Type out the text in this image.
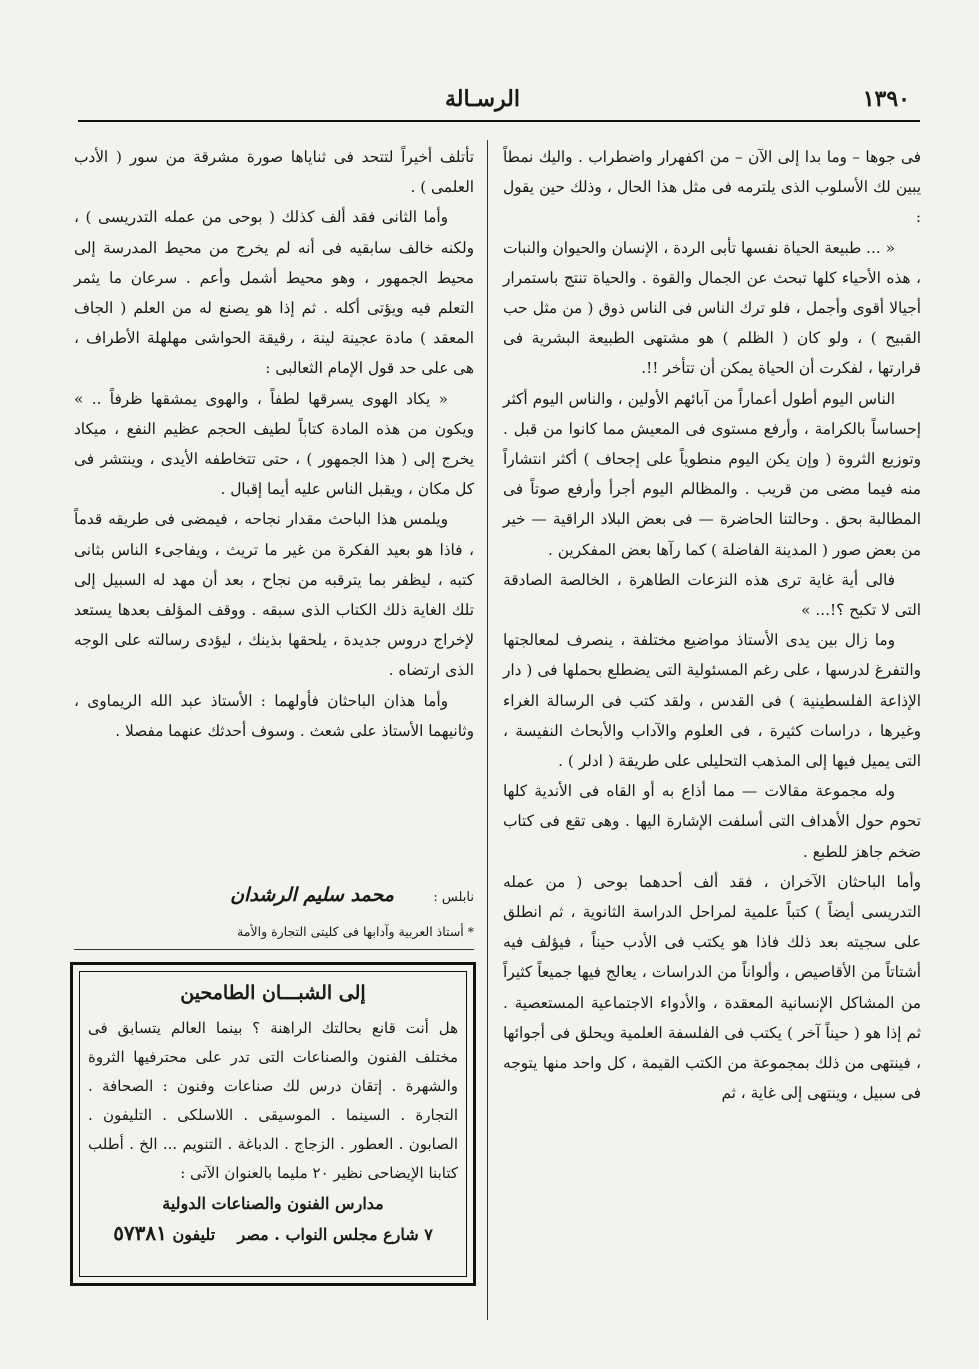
١٣٩٠
الرسـالة

فى جوها – وما بدا إلى الآن – من اكفهرار واضطراب . واليك نمطاً يبين لك الأسلوب الذى يلترمه فى مثل هذا الحال ، وذلك حين يقول :

« ... طبيعة الحياة نفسها تأبى الردة ، الإنسان والحيوان والنبات ، هذه الأحياء كلها تبحث عن الجمال والقوة . والحياة تنتج باستمرار أجيالا أقوى وأجمل ، فلو ترك الناس فى الناس ذوق ( من مثل حب القبيح ) ، ولو كان ( الظلم ) هو مشتهى الطبيعة البشرية فى قرارتها ، لفكرت أن الحياة يمكن أن تتأخر !!.

الناس اليوم أطول أعماراً من آبائهم الأولين ، والناس اليوم أكثر إحساساً بالكرامة ، وأرفع مستوى فى المعيش مما كانوا من قبل . وتوزيع الثروة ( وإن يكن اليوم منطوياً على إجحاف ) أكثر انتشاراً منه فيما مضى من قريب . والمظالم اليوم أجرأ وأرفع صوتاً فى المطالبة بحق . وحالتنا الحاضرة — فى بعض البلاد الراقية — خير من بعض صور ( المدينة الفاضلة ) كما رآها بعض المفكرين .

فالى أية غاية ترى هذه النزعات الطاهرة ، الخالصة الصادقة التى لا تكبح ؟!... »

وما زال بين يدى الأستاذ مواضيع مختلفة ، ينصرف لمعالجتها والتفرغ لدرسها ، على رغم المسئولية التى يضطلع بحملها فى ( دار الإذاعة الفلسطينية ) فى القدس ، ولقد كتب فى الرسالة الغراء وغيرها ، دراسات كثيرة ، فى العلوم والآداب والأبحاث النفيسة ، التى يميل فيها إلى المذهب التحليلى على طريقة ( ادلر ) .

وله مجموعة مقالات — مما أذاع به أو القاه فى الأندية كلها تحوم حول الأهداف التى أسلفت الإشارة اليها . وهى تقع فى كتاب ضخم جاهز للطبع .

وأما الباحثان الآخران ، فقد ألف أحدهما بوحى ( من عمله التدريسى أيضاً ) كتباً علمية لمراحل الدراسة الثانوية ، ثم انطلق على سجيته بعد ذلك فاذا هو يكتب فى الأدب حيناً ، فيؤلف فيه أشتاتاً من الأقاصيص ، وألواناً من الدراسات ، يعالج فيها جميعاً كثيراً من المشاكل الإنسانية المعقدة ، والأدواء الاجتماعية المستعصية . ثم إذا هو ( حيناً آخر ) يكتب فى الفلسفة العلمية ويحلق فى أجوائها ، فينتهى من ذلك بمجموعة من الكتب القيمة ، كل واحد منها يتوجه فى سبيل ، وينتهى إلى غاية ، ثم

تأتلف أخيراً لتتحد فى ثناياها صورة مشرقة من سور ( الأدب العلمى ) .

وأما الثانى فقد ألف كذلك ( بوحى من عمله التدريسى ) ، ولكنه خالف سابقيه فى أنه لم يخرج من محيط المدرسة إلى محيط الجمهور ، وهو محيط أشمل وأعم . سرعان ما يثمر التعلم فيه ويؤتى أكله . ثم إذا هو يصنع له من العلم ( الجاف المعقد ) مادة عجينة لينة ، رقيقة الحواشى مهلهلة الأطراف ، هى على حد قول الإمام الثعالبى :

« يكاد الهوى يسرقها لطفاً ، والهوى يمشقها ظرفاً .. » ويكون من هذه المادة كتاباً لطيف الحجم عظيم النفع ، ميكاد يخرج إلى ( هذا الجمهور ) ، حتى تتخاطفه الأيدى ، وينتشر فى كل مكان ، ويقبل الناس عليه أيما إقبال .

ويلمس هذا الباحث مقدار نجاحه ، فيمضى فى طريقه قدماً ، فاذا هو بعيد الفكرة من غير ما تريث ، ويفاجىء الناس بثانى كتبه ، ليظفر بما يترقبه من نجاح ، بعد أن مهد له السبيل إلى تلك الغاية ذلك الكتاب الذى سبقه . ووقف المؤلف بعدها يستعد لإخراج دروس جديدة ، يلحقها بذينك ، ليؤدى رسالته على الوجه الذى ارتضاه .

وأما هذان الباحثان فأولهما : الأستاذ عبد الله الريماوى ، وثانيهما الأستاذ على شعث . وسوف أحدثك عنهما مفصلا .

نابلس :
محمد سليم الرشدان
* أستاذ العربية وآدابها فى كليتى التجارة والأمة
إلى الشبـــان الطامحين
هل أنت قانع بحالتك الراهنة ؟ بينما العالم يتسابق فى مختلف الفنون والصناعات التى تدر على محترفيها الثروة والشهرة . إتقان درس لك صناعات وفنون : الصحافة . التجارة . السينما . الموسيقى . اللاسلكى . التليفون . الصابون . العطور . الزجاج . الدباغة . التنويم ... الخ . أطلب كتابنا الإيضاحى نظير ٢٠ مليما بالعنوان الآتى :
مدارس الفنون والصناعات الدولية
٧ شارع مجلس النواب . مصر    تليفون ٥٧٣٨١
